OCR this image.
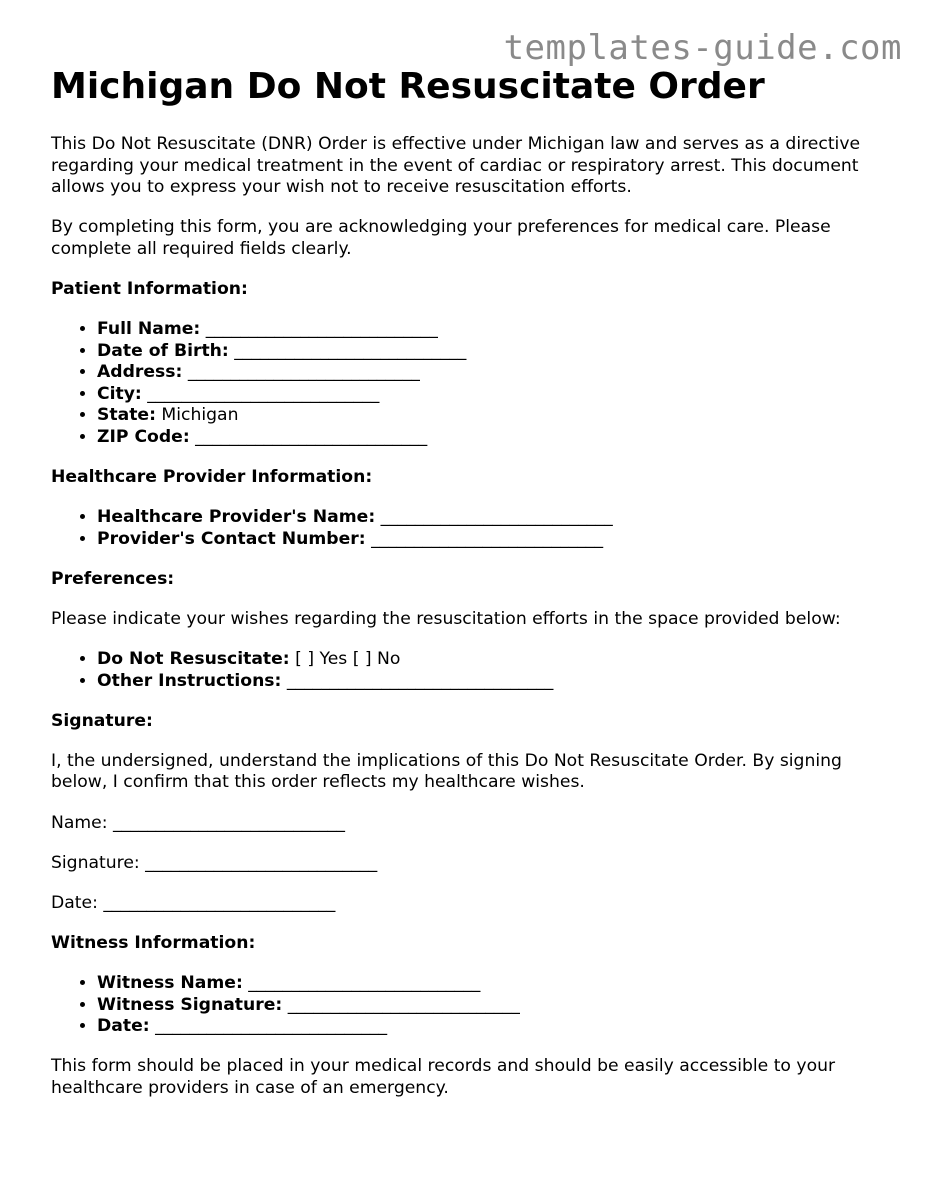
templates-guide.com
Michigan Do Not Resuscitate Order

This Do Not Resuscitate (DNR) Order is effective under Michigan law and serves as a directive regarding your medical treatment in the event of cardiac or respiratory arrest. This document allows you to express your wish not to receive resuscitation efforts.

By completing this form, you are acknowledging your preferences for medical care. Please complete all required fields clearly.

Patient Information:
• Full Name: ___________________________
• Date of Birth: ___________________________
• Address: ___________________________
• City: ___________________________
• State: Michigan
• ZIP Code: ___________________________
Healthcare Provider Information:
• Healthcare Provider's Name: ___________________________
• Provider's Contact Number: ___________________________
Preferences:

Please indicate your wishes regarding the resuscitation efforts in the space provided below:

• Do Not Resuscitate: [ ] Yes [ ] No
• Other Instructions: _______________________________
Signature:

I, the undersigned, understand the implications of this Do Not Resuscitate Order. By signing below, I confirm that this order reflects my healthcare wishes.

Name: ___________________________

Signature: ___________________________

Date: ___________________________

Witness Information:
• Witness Name: ___________________________
• Witness Signature: ___________________________
• Date: ___________________________

This form should be placed in your medical records and should be easily accessible to your healthcare providers in case of an emergency.
